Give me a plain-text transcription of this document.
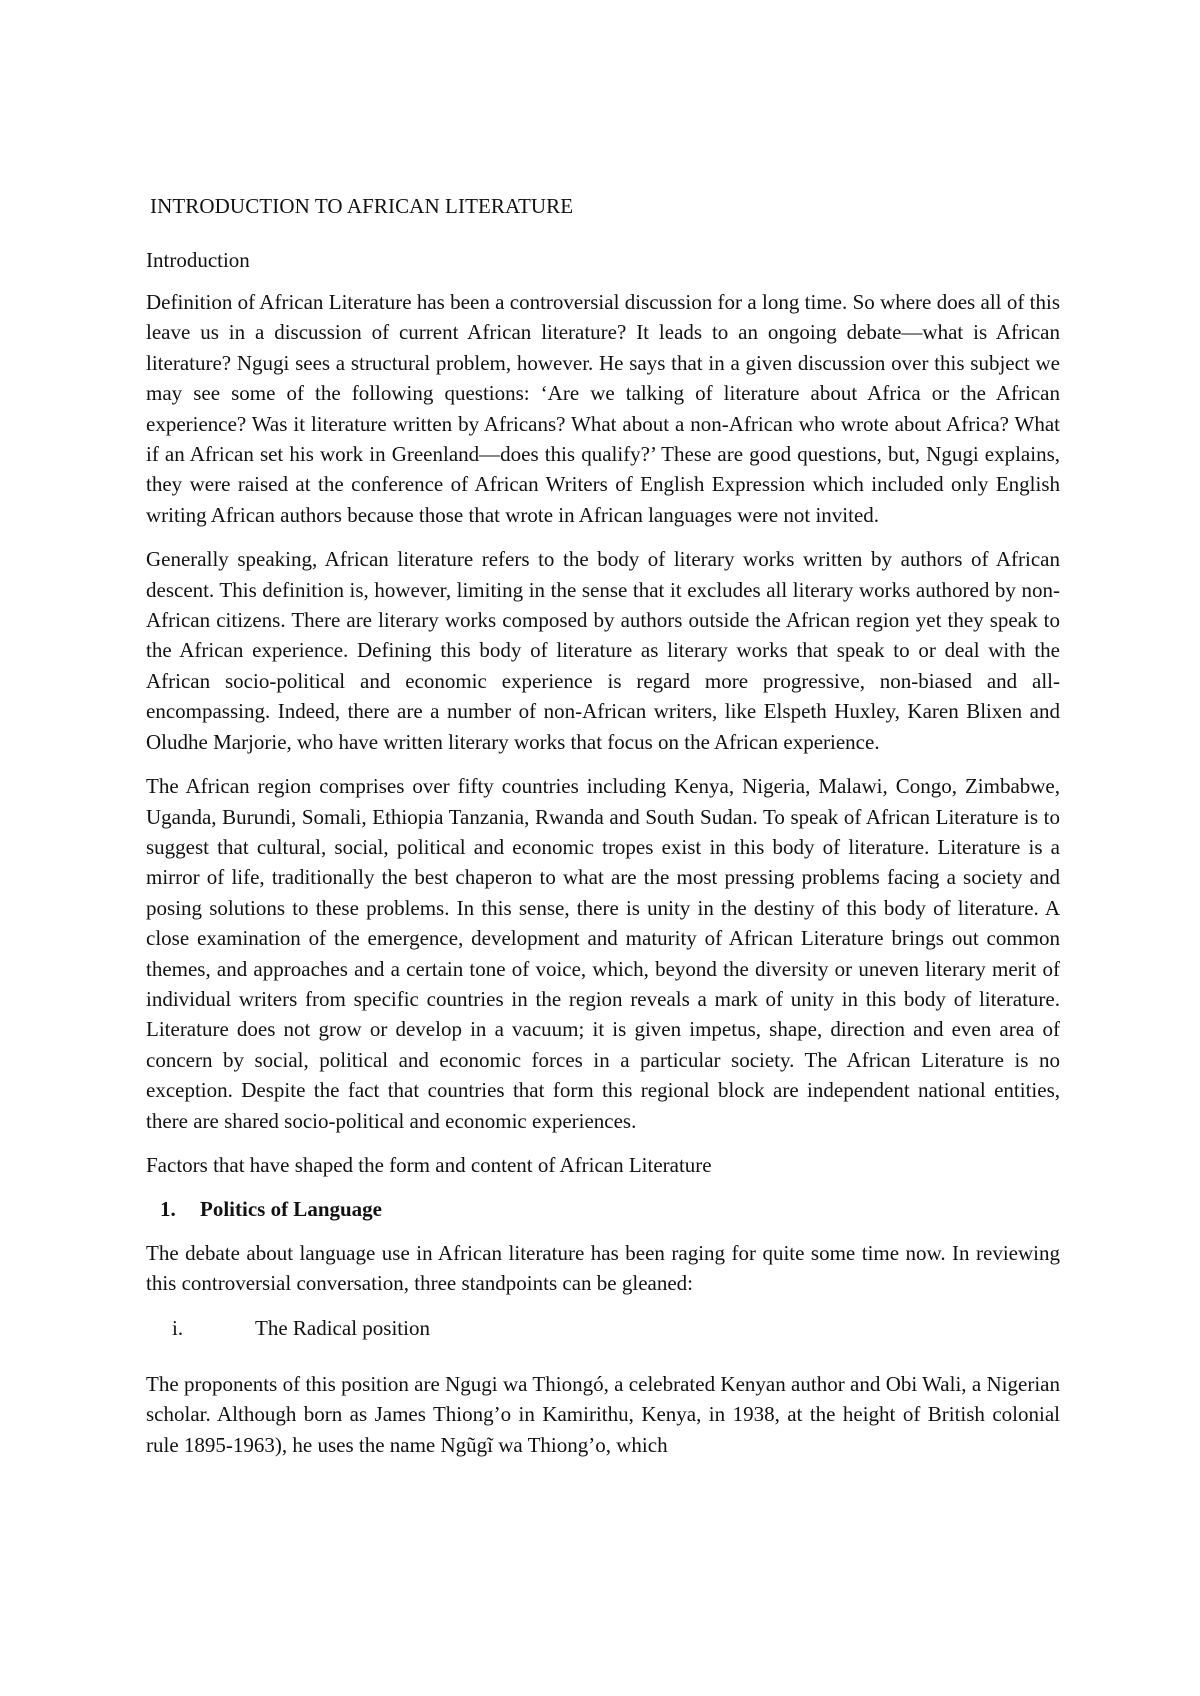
INTRODUCTION TO AFRICAN LITERATURE
Introduction

Definition of African Literature has been a controversial discussion for a long time. So where does all of this leave us in a discussion of current African literature? It leads to an ongoing debate—what is African literature? Ngugi sees a structural problem, however. He says that in a given discussion over this subject we may see some of the following questions: ‘Are we talking of literature about Africa or the African experience? Was it literature written by Africans? What about a non-African who wrote about Africa? What if an African set his work in Greenland—does this qualify?’ These are good questions, but, Ngugi explains, they were raised at the conference of African Writers of English Expression which included only English writing African authors because those that wrote in African languages were not invited.

Generally speaking, African literature refers to the body of literary works written by authors of African descent. This definition is, however, limiting in the sense that it excludes all literary works authored by non-African citizens. There are literary works composed by authors outside the African region yet they speak to the African experience. Defining this body of literature as literary works that speak to or deal with the African socio-political and economic experience is regard more progressive, non-biased and all-encompassing. Indeed, there are a number of non-African writers, like Elspeth Huxley, Karen Blixen and Oludhe Marjorie, who have written literary works that focus on the African experience.

The African region comprises over fifty countries including Kenya, Nigeria, Malawi, Congo, Zimbabwe, Uganda, Burundi, Somali, Ethiopia Tanzania, Rwanda and South Sudan. To speak of African Literature is to suggest that cultural, social, political and economic tropes exist in this body of literature. Literature is a mirror of life, traditionally the best chaperon to what are the most pressing problems facing a society and posing solutions to these problems. In this sense, there is unity in the destiny of this body of literature. A close examination of the emergence, development and maturity of African Literature brings out common themes, and approaches and a certain tone of voice, which, beyond the diversity or uneven literary merit of individual writers from specific countries in the region reveals a mark of unity in this body of literature. Literature does not grow or develop in a vacuum; it is given impetus, shape, direction and even area of concern by social, political and economic forces in a particular society. The African Literature is no exception. Despite the fact that countries that form this regional block are independent national entities, there are shared socio-political and economic experiences.

Factors that have shaped the form and content of African Literature
1.	Politics of Language

The debate about language use in African literature has been raging for quite some time now. In reviewing this controversial conversation, three standpoints can be gleaned:

i.	The Radical position

The proponents of this position are Ngugi wa Thiongó, a celebrated Kenyan author and Obi Wali, a Nigerian scholar. Although born as James Thiong’o in Kamirithu, Kenya, in 1938, at the height of British colonial rule 1895-1963), he uses the name Ngũgĩ wa Thiong’o, which
